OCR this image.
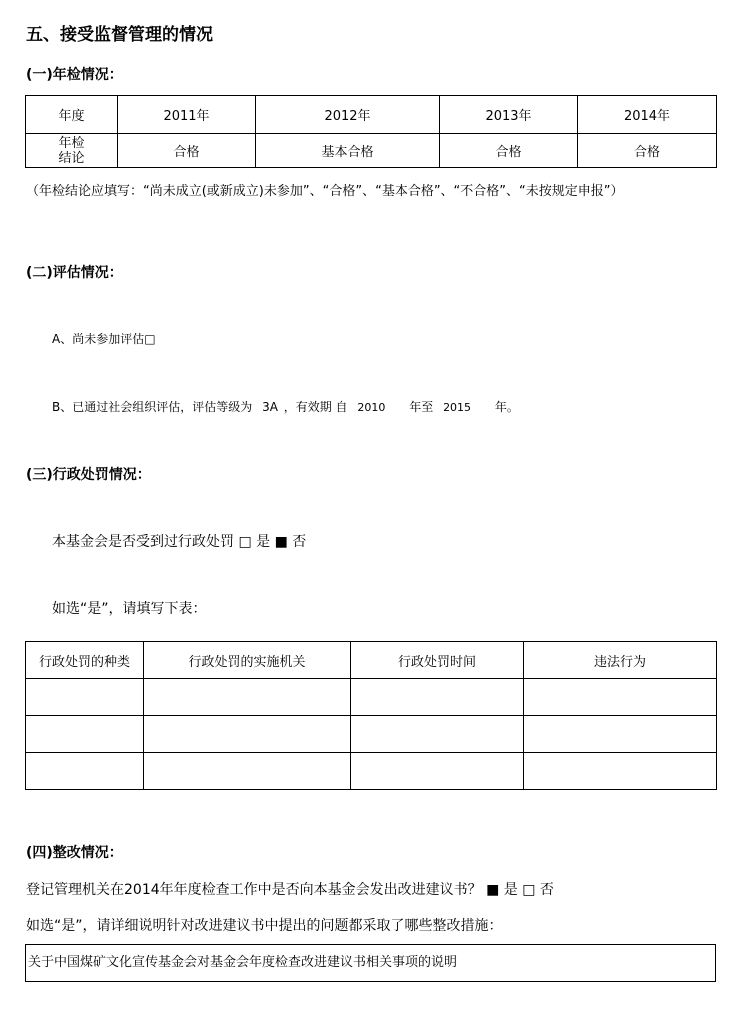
五、接受监督管理的情况
(一)年检情况：
年度	2011年	2012年	2013年	2014年

年检
结论	合格	基本合格	合格	合格
（年检结论应填写：“尚未成立(或新成立)未参加”、“合格”、“基本合格”、“不合格”、“未按规定申报”）
(二)评估情况：
A、尚未参加评估□
B、已通过社会组织评估，评估等级为 3A ，有效期 自 2010 年至 2015 年。
(三)行政处罚情况：
本基金会是否受到过行政处罚 □ 是 ■ 否
如选“是”，请填写下表：
行政处罚的种类	行政处罚的实施机关	行政处罚时间	违法行为

(四)整改情况：
登记管理机关在2014年年度检查工作中是否向本基金会发出改进建议书？ ■ 是 □ 否
如选“是”，请详细说明针对改进建议书中提出的问题都采取了哪些整改措施：
关于中国煤矿文化宣传基金会对基金会年度检查改进建议书相关事项的说明
